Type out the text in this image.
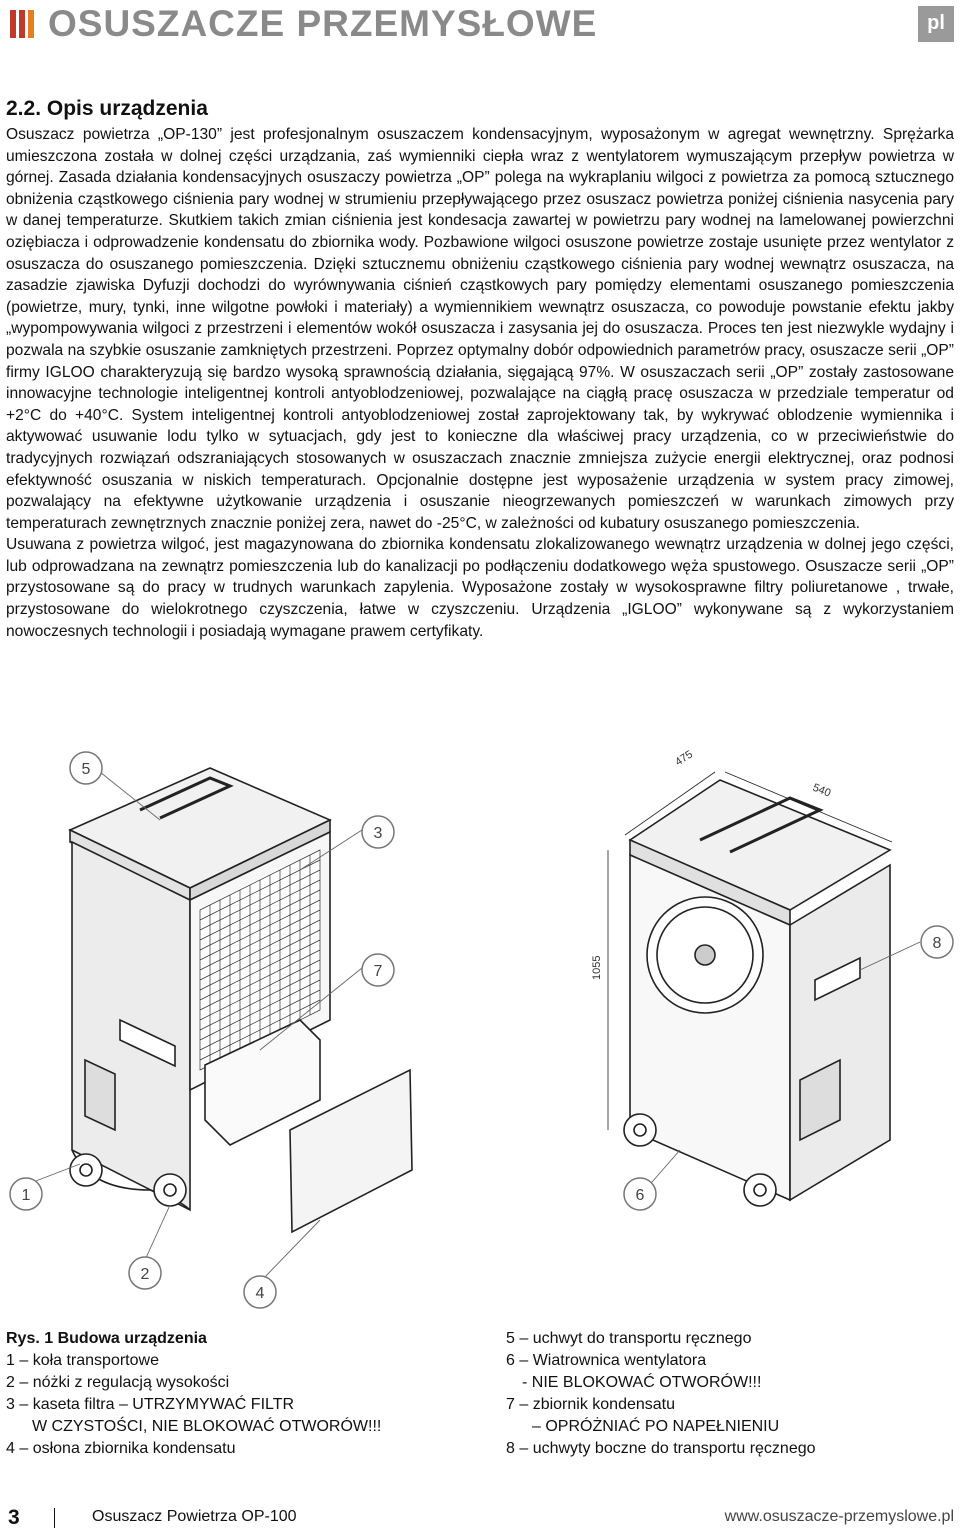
OSUSZACZE PRZEMYSŁOWE	pl
2.2. Opis urządzenia

Osuszacz powietrza „OP-130” jest profesjonalnym osuszaczem kondensacyjnym, wyposażonym w agregat wewnętrzny. Sprężarka umieszczona została w dolnej części urządzania, zaś wymienniki ciepła wraz z wentylatorem wymuszającym przepływ powietrza w górnej. Zasada działania kondensacyjnych osuszaczy powietrza „OP” polega na wykraplaniu wilgoci z powietrza za pomocą sztucznego obniżenia cząstkowego ciśnienia pary wodnej w strumieniu przepływającego przez osuszacz powietrza poniżej ciśnienia nasycenia pary w danej temperaturze. Skutkiem takich zmian ciśnienia jest kondesacja zawartej w powietrzu pary wodnej na lamelowanej powierzchni oziębiacza i odprowadzenie kondensatu do zbiornika wody. Pozbawione wilgoci osuszone powietrze zostaje usunięte przez wentylator z osuszacza do osuszanego pomieszczenia. Dzięki sztucznemu obniżeniu cząstkowego ciśnienia pary wodnej wewnątrz osuszacza, na zasadzie zjawiska Dyfuzji dochodzi do wyrównywania ciśnień cząstkowych pary pomiędzy elementami osuszanego pomieszczenia (powietrze, mury, tynki, inne wilgotne powłoki i materiały) a wymiennikiem wewnątrz osuszacza, co powoduje powstanie efektu jakby „wypompowywania wilgoci z przestrzeni i elementów wokół osuszacza i zasysania jej do osuszacza. Proces ten jest niezwykle wydajny i pozwala na szybkie osuszanie zamkniętych przestrzeni. Poprzez optymalny dobór odpowiednich parametrów pracy, osuszacze serii „OP” firmy IGLOO charakteryzują się bardzo wysoką sprawnością działania, sięgającą 97%. W osuszaczach serii „OP” zostały zastosowane innowacyjne technologie inteligentnej kontroli antyoblodzeniowej, pozwalające na ciągłą pracę osuszacza w przedziale temperatur od +2°C do +40°C. System inteligentnej kontroli antyoblodzeniowej został zaprojektowany tak, by wykrywać oblodzenie wymiennika i aktywować usuwanie lodu tylko w sytuacjach, gdy jest to konieczne dla właściwej pracy urządzenia, co w przeciwieństwie do tradycyjnych rozwiązań odszraniających stosowanych w osuszaczach znacznie zmniejsza zużycie energii elektrycznej, oraz podnosi efektywność osuszania w niskich temperaturach. Opcjonalnie dostępne jest wyposażenie urządzenia w system pracy zimowej, pozwalający na efektywne użytkowanie urządzenia i osuszanie nieogrzewanych pomieszczeń w warunkach zimowych przy temperaturach zewnętrznych znacznie poniżej zera, nawet do -25°C, w zależności od kubatury osuszanego pomieszczenia.

Usuwana z powietrza wilgoć, jest magazynowana do zbiornika kondensatu zlokalizowanego wewnątrz urządzenia w dolnej jego części, lub odprowadzana na zewnątrz pomieszczenia lub do kanalizacji po podłączeniu dodatkowego węża spustowego. Osuszacze serii „OP” przystosowane są do pracy w trudnych warunkach zapylenia. Wyposażone zostały w wysokosprawne filtry poliuretanowe , trwałe, przystosowane do wielokrotnego czyszczenia, łatwe w czyszczeniu. Urządzenia „IGLOO” wykonywane są z wykorzystaniem nowoczesnych technologii i posiadają wymagane prawem certyfikaty.

5
3
7
1
2
4
6
8
475
540
1055
Rys. 1 Budowa urządzenia
1 – koła transportowe
2 – nóżki z regulacją wysokości
3 – kaseta filtra – UTRZYMYWAĆ FILTR
W CZYSTOŚCI, NIE BLOKOWAĆ OTWORÓW!!!
4 – osłona zbiornika kondensatu
5 – uchwyt do transportu ręcznego
6 – Wiatrownica wentylatora
- NIE BLOKOWAĆ OTWORÓW!!!
7 – zbiornik kondensatu
– OPRÓŻNIAĆ PO NAPEŁNIENIU
8 – uchwyty boczne do transportu ręcznego
3	Osuszacz Powietrza OP-100	www.osuszacze-przemyslowe.pl
